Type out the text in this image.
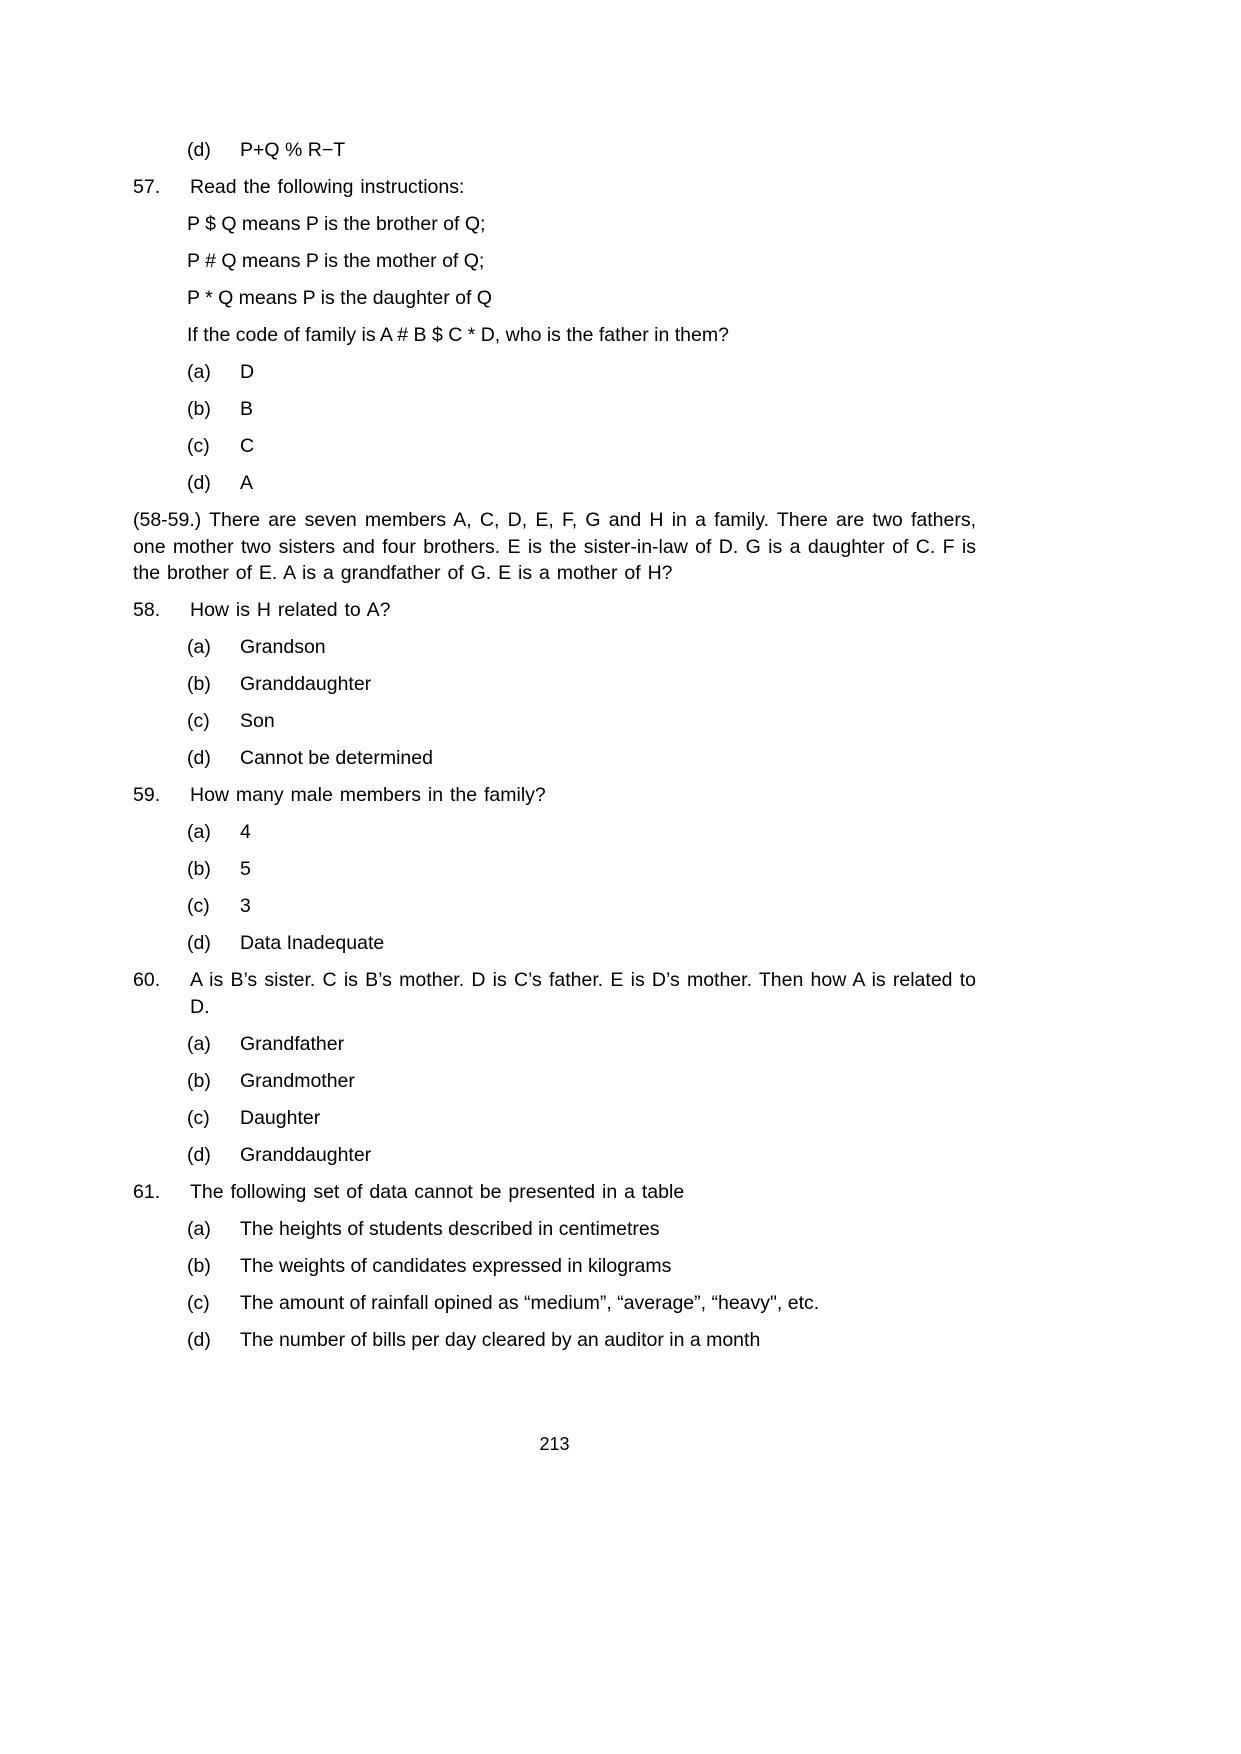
(d)	P+Q % R−T
57.	Read the following instructions:
P $ Q means P is the brother of Q;
P # Q means P is the mother of Q;
P * Q means P is the daughter of Q
If the code of family is A # B $ C * D, who is the father in them?
(a)	D
(b)	B
(c)	C
(d)	A

(58-59.) There are seven members A, C, D, E, F, G and H in a family. There are two fathers, one mother two sisters and four brothers. E is the sister-in-law of D. G is a daughter of C. F is the brother of E. A is a grandfather of G. E is a mother of H?

58.	How is H related to A?
(a)	Grandson
(b)	Granddaughter
(c)	Son
(d)	Cannot be determined
59.	How many male members in the family?
(a)	4
(b)	5
(c)	3
(d)	Data Inadequate
60.	A is B’s sister. C is B’s mother. D is C’s father. E is D’s mother. Then how A is related to D.
(a)	Grandfather
(b)	Grandmother
(c)	Daughter
(d)	Granddaughter
61.	The following set of data cannot be presented in a table
(a)	The heights of students described in centimetres
(b)	The weights of candidates expressed in kilograms
(c)	The amount of rainfall opined as “medium”, “average”, “heavy", etc.
(d)	The number of bills per day cleared by an auditor in a month
213
